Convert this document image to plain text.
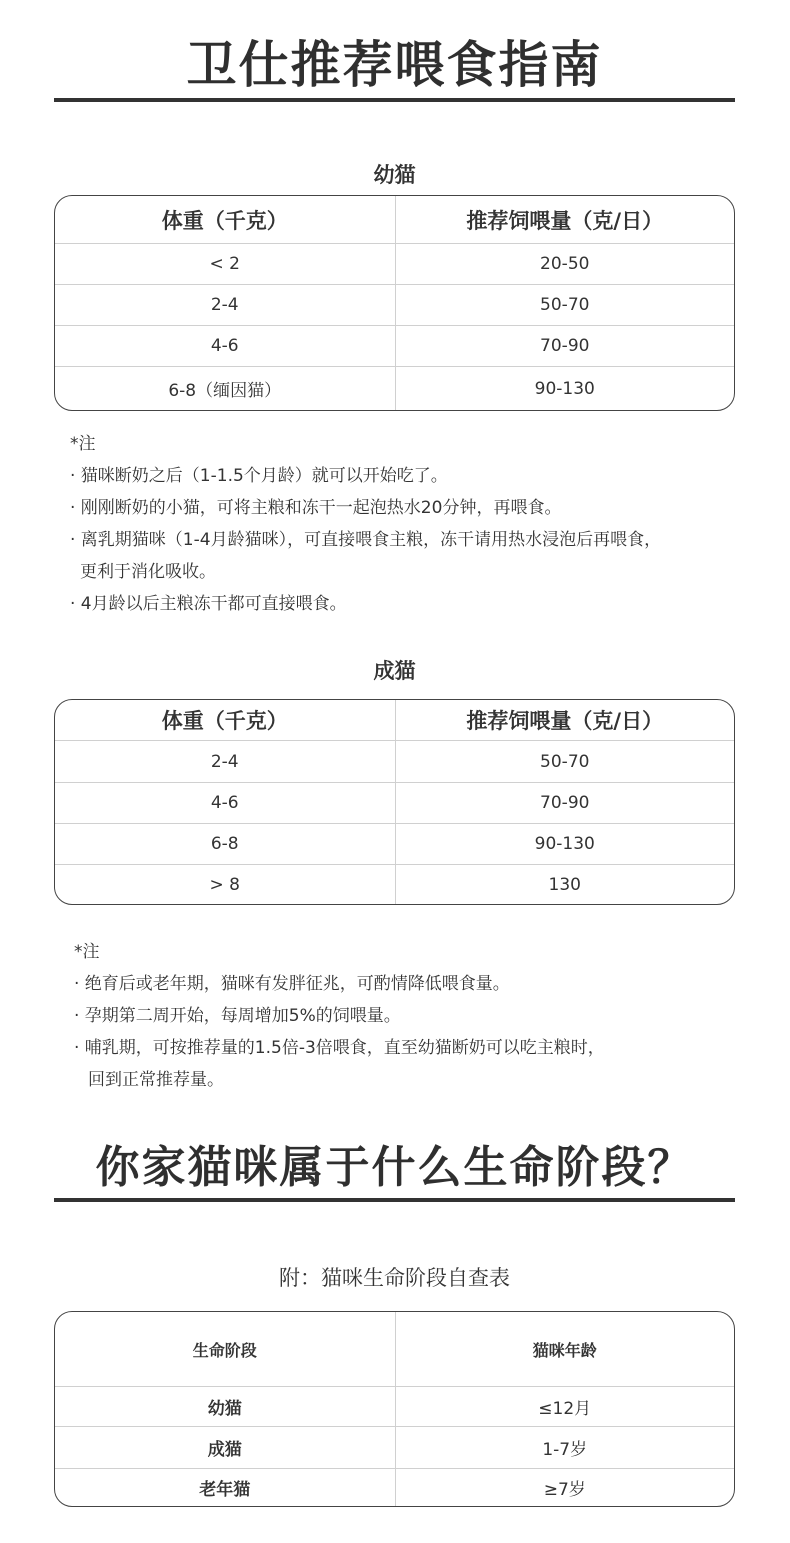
卫仕推荐喂食指南
幼猫
体重（千克）	推荐饲喂量（克/日）
< 2	20-50
2-4	50-70
4-6	70-90
6-8（缅因猫）	90-130
*注
· 猫咪断奶之后（1-1.5个月龄）就可以开始吃了。
· 刚刚断奶的小猫，可将主粮和冻干一起泡热水20分钟，再喂食。
· 离乳期猫咪（1-4月龄猫咪），可直接喂食主粮，冻干请用热水浸泡后再喂食，
更利于消化吸收。
· 4月龄以后主粮冻干都可直接喂食。
成猫
体重（千克）	推荐饲喂量（克/日）
2-4	50-70
4-6	70-90
6-8	90-130
> 8	130
*注
· 绝育后或老年期，猫咪有发胖征兆，可酌情降低喂食量。
· 孕期第二周开始，每周增加5%的饲喂量。
· 哺乳期，可按推荐量的1.5倍-3倍喂食，直至幼猫断奶可以吃主粮时，
回到正常推荐量。
你家猫咪属于什么生命阶段？
附：猫咪生命阶段自查表
生命阶段	猫咪年龄
幼猫	≤12月
成猫	1-7岁
老年猫	≥7岁
